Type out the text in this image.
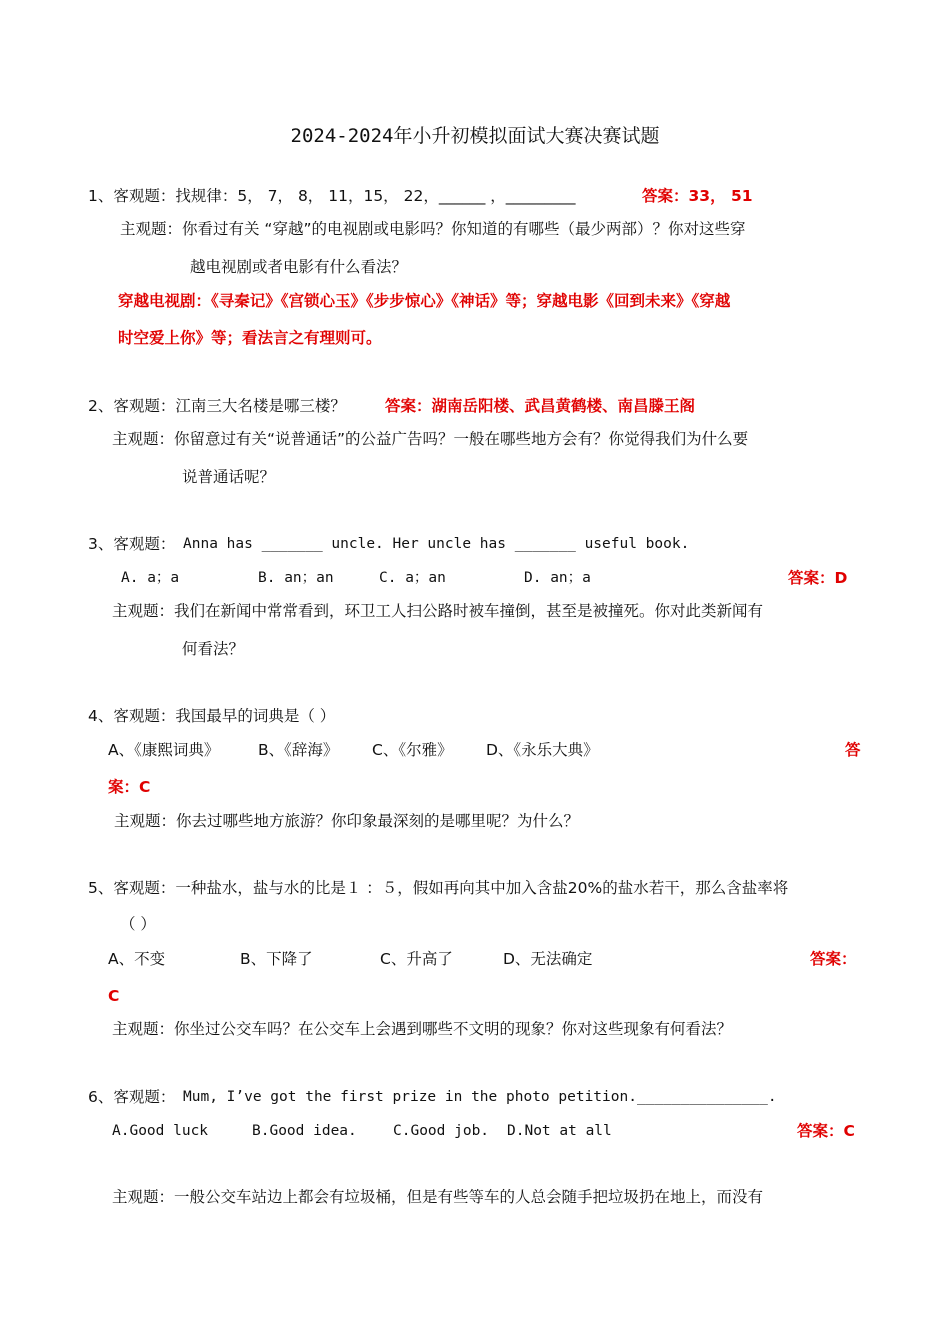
2024-2024年小升初模拟面试大赛决赛试题
1、客观题：找规律：5， 7， 8， 11，15， 22，______ ，_________	答案：33， 51
主观题：你看过有关 “穿越”的电视剧或电影吗？你知道的有哪些（最少两部）？你对这些穿
越电视剧或者电影有什么看法？
穿越电视剧：《寻秦记》《宫锁心玉》《步步惊心》《神话》等；穿越电影《回到未来》《穿越
时空爱上你》等；看法言之有理则可。
2、客观题：江南三大名楼是哪三楼？	答案：湖南岳阳楼、武昌黄鹤楼、南昌滕王阁
主观题：你留意过有关“说普通话”的公益广告吗？一般在哪些地方会有？你觉得我们为什么要
说普通话呢？
3、客观题： Anna has _______ uncle. Her uncle has _______ useful book.
A. a；a	B. an；an	C. a；an	D. an；a	答案：D
主观题：我们在新闻中常常看到，环卫工人扫公路时被车撞倒，甚至是被撞死。你对此类新闻有
何看法？
4、客观题：我国最早的词典是（ ）
A、《康熙词典》 B、《辞海》 C、《尔雅》 D、《永乐大典》	答
案：C
主观题：你去过哪些地方旅游？你印象最深刻的是哪里呢？为什么？
5、客观题：一种盐水，盐与水的比是１ ：５，假如再向其中加入含盐20%的盐水若干，那么含盐率将
（ ）
A、不变	B、下降了	C、升高了	D、无法确定	答案：
C
主观题：你坐过公交车吗？在公交车上会遇到哪些不文明的现象？你对这些现象有何看法？
6、客观题： Mum, I’ve got the first prize in the photo petition._______________.
A.Good luck	B.Good idea. C.Good job. D.Not at all	答案：C
主观题：一般公交车站边上都会有垃圾桶，但是有些等车的人总会随手把垃圾扔在地上，而没有
